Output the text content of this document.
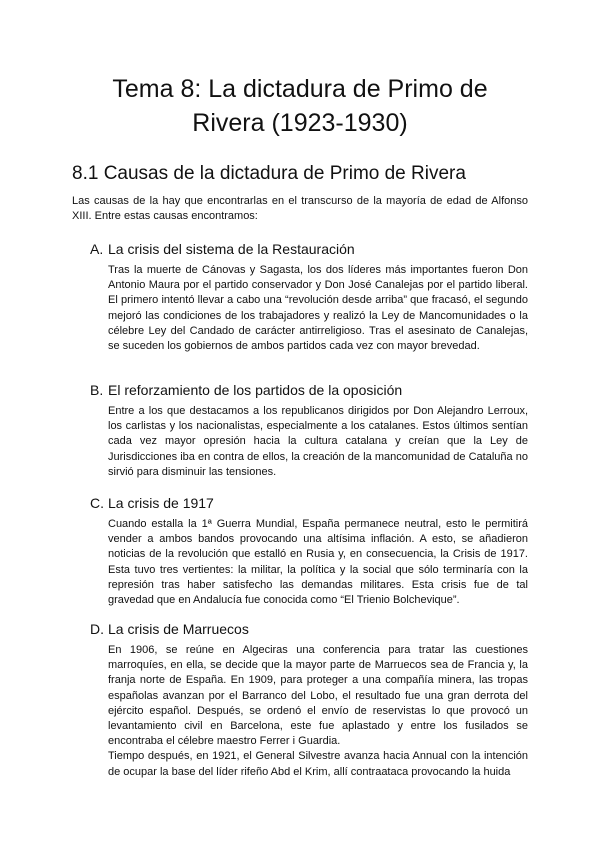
Tema 8: La dictadura de Primo de
Rivera (1923-1930)
8.1 Causas de la dictadura de Primo de Rivera

Las causas de la hay que encontrarlas en el transcurso de la mayoría de edad de Alfonso XIII. Entre estas causas encontramos:

A. La crisis del sistema de la Restauración

Tras la muerte de Cánovas y Sagasta, los dos líderes más importantes fueron Don Antonio Maura por el partido conservador y Don José Canalejas por el partido liberal. El primero intentó llevar a cabo una “revolución desde arriba” que fracasó, el segundo mejoró las condiciones de los trabajadores y realizó la Ley de Mancomunidades o la célebre Ley del Candado de carácter antirreligioso. Tras el asesinato de Canalejas, se suceden los gobiernos de ambos partidos cada vez con mayor brevedad.

B. El reforzamiento de los partidos de la oposición

Entre a los que destacamos a los republicanos dirigidos por Don Alejandro Lerroux, los carlistas y los nacionalistas, especialmente a los catalanes. Estos últimos sentían cada vez mayor opresión hacia la cultura catalana y creían que la Ley de Jurisdicciones iba en contra de ellos, la creación de la mancomunidad de Cataluña no sirvió para disminuir las tensiones.

C. La crisis de 1917

Cuando estalla la 1ª Guerra Mundial, España permanece neutral, esto le permitirá vender a ambos bandos provocando una altísima inflación. A esto, se añadieron noticias de la revolución que estalló en Rusia y, en consecuencia, la Crisis de 1917. Esta tuvo tres vertientes: la militar, la política y la social que sólo terminaría con la represión tras haber satisfecho las demandas militares. Esta crisis fue de tal gravedad que en Andalucía fue conocida como “El Trienio Bolchevique”.

D. La crisis de Marruecos

En 1906, se reúne en Algeciras una conferencia para tratar las cuestiones marroquíes, en ella, se decide que la mayor parte de Marruecos sea de Francia y, la franja norte de España. En 1909, para proteger a una compañía minera, las tropas españolas avanzan por el Barranco del Lobo, el resultado fue una gran derrota del ejército español. Después, se ordenó el envío de reservistas lo que provocó un levantamiento civil en Barcelona, este fue aplastado y entre los fusilados se encontraba el célebre maestro Ferrer i Guardia.

Tiempo después, en 1921, el General Silvestre avanza hacia Annual con la intención de ocupar la base del líder rifeño Abd el Krim, allí contraataca provocando la huida
